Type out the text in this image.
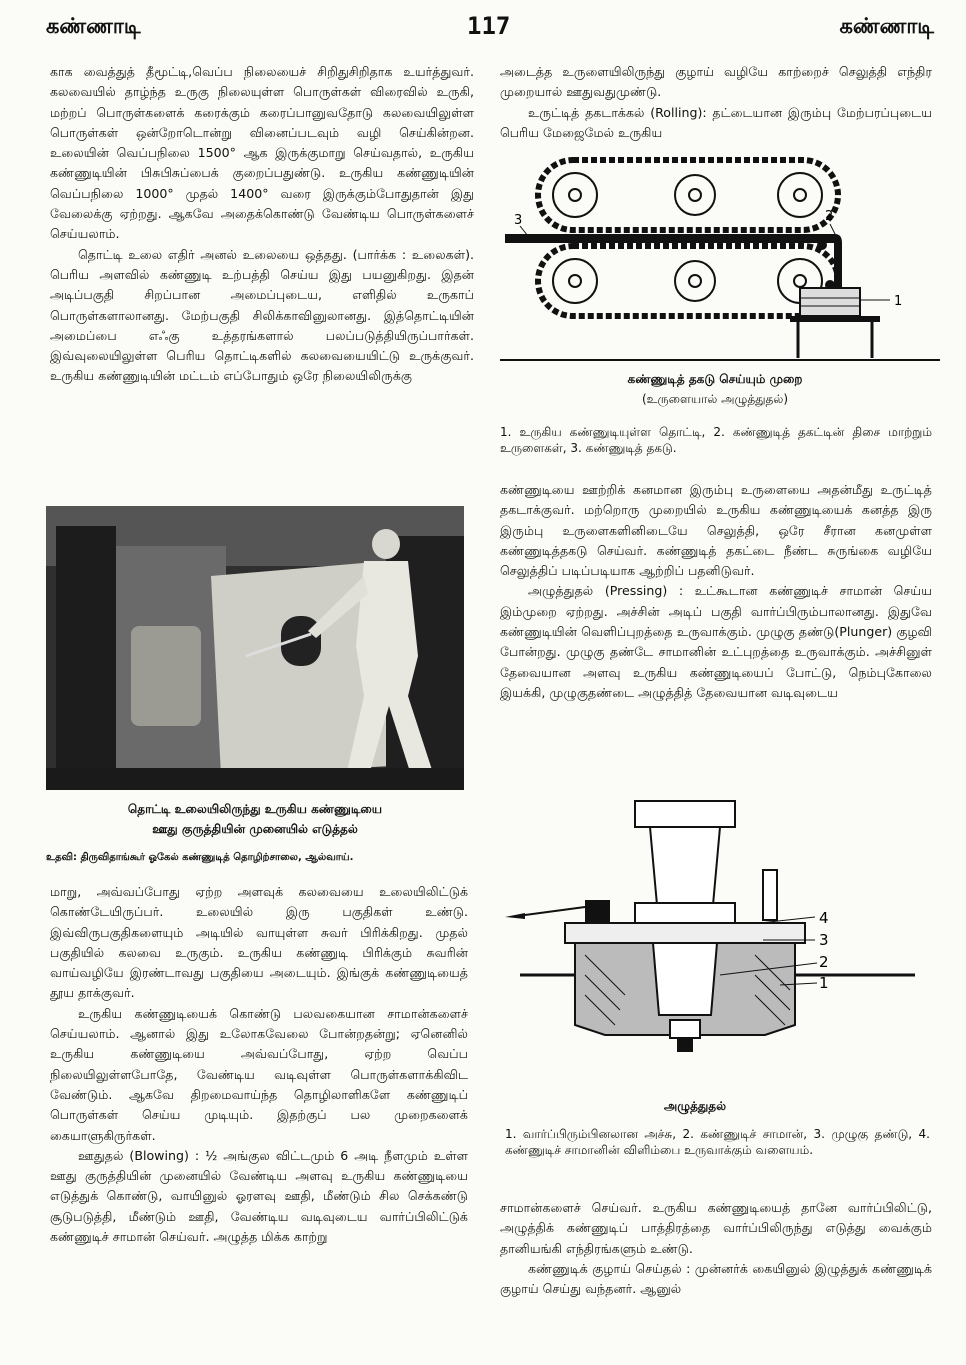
கண்ணாடி	117	கண்ணாடி

காக வைத்துத் தீமூட்டி,வெப்ப நிலையைச் சிறிதுசிறிதாக உயர்த்துவர். கலவையில் தாழ்ந்த உருகு நிலையுள்ள பொருள்கள் விரைவில் உருகி, மற்றப் பொருள்களைக் கரைக்கும் கரைப்பானுவதோடு கலவையிலுள்ள பொருள்கள் ஒன்றோடொன்று வினைப்படவும் வழி செய்கின்றன. உலையின் வெப்பநிலை 1500° ஆக இருக்குமாறு செய்வதால், உருகிய கண்ணுடியின் பிசுபிசுப்பைக் குறைப்பதுண்டு. உருகிய கண்ணுடியின் வெப்பநிலை 1000° முதல் 1400° வரை இருக்கும்போதுதான் இது வேலைக்கு ஏற்றது. ஆகவே அதைக்கொண்டு வேண்டிய பொருள்களைச் செய்யலாம்.

தொட்டி உலை எதிர் அனல் உலையை ஒத்தது. (பார்க்க : உலைகள்). பெரிய அளவில் கண்ணுடி உற்பத்தி செய்ய இது பயனுகிறது. இதன் அடிப்பகுதி சிறப்பான அமைப்புடைய, எளிதில் உருகாப் பொருள்களாலானது. மேற்பகுதி சிலிக்காவினுலானது. இத்தொட்டியின் அமைப்பை எஃகு உத்தரங்களால் பலப்படுத்தியிருப்பார்கள். இவ்வுலையிலுள்ள பெரிய தொட்டிகளில் கலவையையிட்டு உருக்குவர். உருகிய கண்ணுடியின் மட்டம் எப்போதும் ஒரே நிலையிலிருக்கு

தொட்டி உலையிலிருந்து உருகிய கண்ணுடியை
ஊது குருத்தியின் முனையில் எடுத்தல்
உதவி: திருவிதாங்கூர் ஓகேல் கண்ணுடித் தொழிற்சாலை, ஆல்வாய்.

மாறு, அவ்வப்போது ஏற்ற அளவுக் கலவையை உலையிலிட்டுக் கொண்டேயிருப்பர். உலையில் இரு பகுதிகள் உண்டு. இவ்விருபகுதிகளையும் அடியில் வாயுள்ள சுவர் பிரிக்கிறது. முதல் பகுதியில் கலவை உருகும். உருகிய கண்ணுடி பிரிக்கும் சுவரின் வாய்வழியே இரண்டாவது பகுதியை அடையும். இங்குக் கண்ணுடியைத் தூய தாக்குவர்.

உருகிய கண்ணுடியைக் கொண்டு பலவகையான சாமான்களைச் செய்யலாம். ஆனால் இது உலோகவேலை போன்றதன்று; ஏனெனில் உருகிய கண்ணுடியை அவ்வப்போது, ஏற்ற வெப்ப நிலையிலுள்ளபோதே, வேண்டிய வடிவுள்ள பொருள்களாக்கிவிட வேண்டும். ஆகவே திறமைவாய்ந்த தொழிலாளிகளே கண்ணுடிப் பொருள்கள் செய்ய முடியும். இதற்குப் பல முறைகளைக் கையாளுகிருர்கள்.

ஊதுதல் (Blowing) : ½ அங்குல விட்டமும் 6 அடி நீளமும் உள்ள ஊது குருத்தியின் முனையில் வேண்டிய அளவு உருகிய கண்ணுடியை எடுத்துக் கொண்டு, வாயினுல் ஓரளவு ஊதி, மீண்டும் சில செக்கண்டு சூடுபடுத்தி, மீண்டும் ஊதி, வேண்டிய வடிவுடைய வார்ப்பிலிட்டுக் கண்ணுடிச் சாமான் செய்வர். அழுத்த மிக்க காற்று

அடைத்த உருளையிலிருந்து குழாய் வழியே காற்றைச் செலுத்தி எந்திர முறையால் ஊதுவதுமுண்டு.

உருட்டித் தகடாக்கல் (Rolling): தட்டையான இரும்பு மேற்பரப்புடைய பெரிய மேஜைமேல் உருகிய

3	2
1
கண்ணுடித் தகடு செய்யும் முறை
(உருளையால் அழுத்துதல்)
1. உருகிய கண்ணுடியுள்ள தொட்டி, 2. கண்ணுடித் தகட்டின் திசை மாற்றும் உருளைகள், 3. கண்ணுடித் தகடு.

கண்ணுடியை ஊற்றிக் கனமான இரும்பு உருளையை அதன்மீது உருட்டித் தகடாக்குவர். மற்றொரு முறையில் உருகிய கண்ணுடியைக் கனத்த இரு இரும்பு உருளைகளினிடையே செலுத்தி, ஒரே சீரான கனமுள்ள கண்ணுடித்தகடு செய்வர். கண்ணுடித் தகட்டை நீண்ட சுருங்கை வழியே செலுத்திப் படிப்படியாக ஆற்றிப் பதனிடுவர்.

அழுத்துதல் (Pressing) : உட்கூடான கண்ணுடிச் சாமான் செய்ய இம்முறை ஏற்றது. அச்சின் அடிப் பகுதி வார்ப்பிரும்பாலானது. இதுவே கண்ணுடியின் வெளிப்புறத்தை உருவாக்கும். முழுகு தண்டு(Plunger) குழவி போன்றது. முழுகு தண்டே சாமானின் உட்புறத்தை உருவாக்கும். அச்சினுள் தேவையான அளவு உருகிய கண்ணுடியைப் போட்டு, நெம்புகோலை இயக்கி, முழுகுதண்டை அழுத்தித் தேவையான வடிவுடைய

4
3
2
1
அழுத்துதல்
1. வார்ப்பிரும்பினலான அச்சு, 2. கண்ணுடிச் சாமான், 3. முழுகு தண்டு, 4. கண்ணுடிச் சாமானின் விளிம்பை உருவாக்கும் வளையம்.

சாமான்களைச் செய்வர். உருகிய கண்ணுடியைத் தானே வார்ப்பிலிட்டு, அழுத்திக் கண்ணுடிப் பாத்திரத்தை வார்ப்பிலிருந்து எடுத்து வைக்கும் தானியங்கி எந்திரங்களும் உண்டு.

கண்ணுடிக் குழாய் செய்தல் : முன்னர்க் கையினுல் இழுத்துக் கண்ணுடிக் குழாய் செய்து வந்தனர். ஆனுல்
